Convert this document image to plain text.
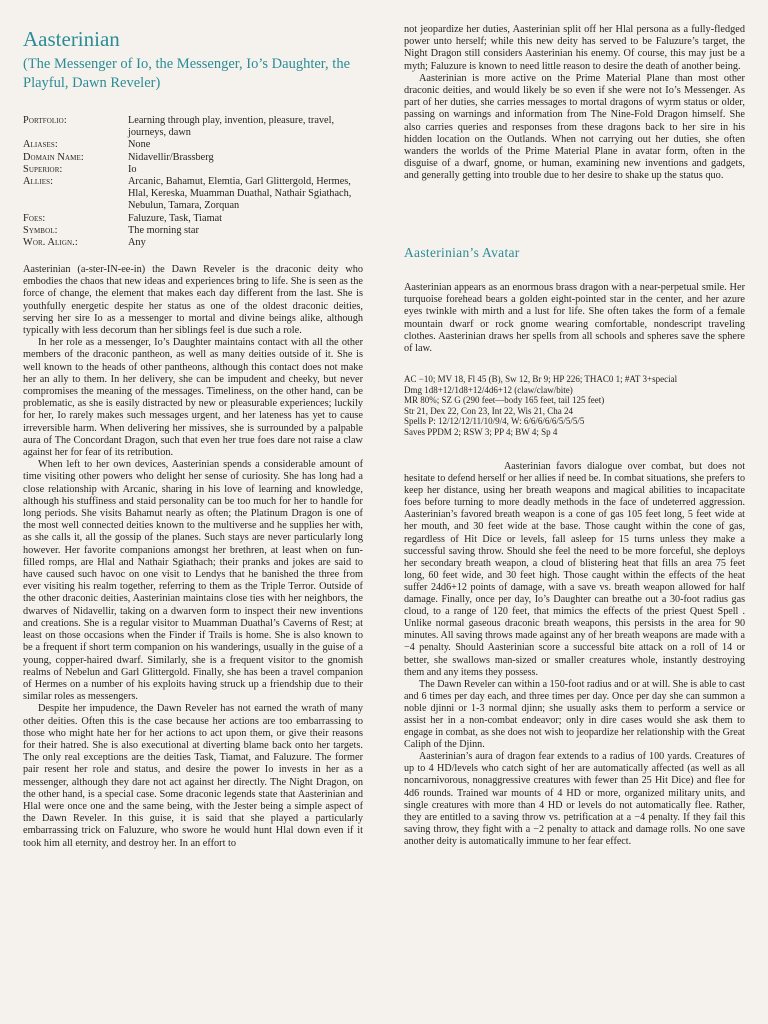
Aasterinian

(The Messenger of Io, the Messenger, Io’s Daughter, the Playful, Dawn Reveler)

Portfolio:	Learning through play, invention, pleasure, travel, journeys, dawn
Aliases:	None
Domain Name:	Nidavellir/Brassberg
Superior:	Io
Allies:	Arcanic, Bahamut, Elemtia, Garl Glittergold, Hermes, Hlal, Kereska, Muamman Duathal, Nathair Sgiathach, Nebulun, Tamara, Zorquan
Foes:	Faluzure, Task, Tiamat
Symbol:	The morning star
Wor. Align.:	Any

Aasterinian (a-ster-IN-ee-in) the Dawn Reveler is the draconic deity who embodies the chaos that new ideas and experiences bring to life. She is seen as the force of change, the element that makes each day different from the last. She is youthfully energetic despite her status as one of the oldest draconic deities, serving her sire Io as a messenger to mortal and divine beings alike, although typically with less decorum than her siblings feel is due such a role.

In her role as a messenger, Io’s Daughter maintains contact with all the other members of the draconic pantheon, as well as many deities outside of it. She is well known to the heads of other pantheons, although this contact does not make her an ally to them. In her delivery, she can be impudent and cheeky, but never compromises the meaning of the messages. Timeliness, on the other hand, can be problematic, as she is easily distracted by new or pleasurable experiences; luckily for her, Io rarely makes such messages urgent, and her lateness has yet to cause irreversible harm. When delivering her missives, she is surrounded by a palpable aura of The Concordant Dragon, such that even her true foes dare not raise a claw against her for fear of its retribution.

When left to her own devices, Aasterinian spends a considerable amount of time visiting other powers who delight her sense of curiosity. She has long had a close relationship with Arcanic, sharing in his love of learning and knowledge, although his stuffiness and staid personality can be too much for her to handle for long periods. She visits Bahamut nearly as often; the Platinum Dragon is one of the most well connected deities known to the multiverse and he supplies her with, as she calls it, all the gossip of the planes. Such stays are never particularly long however. Her favorite companions amongst her brethren, at least when on fun-filled romps, are Hlal and Nathair Sgiathach; their pranks and jokes are said to have caused such havoc on one visit to Lendys that he banished the three from ever visiting his realm together, referring to them as the Triple Terror. Outside of the other draconic deities, Aasterinian maintains close ties with her neighbors, the dwarves of Nidavellir, taking on a dwarven form to inspect their new inventions and creations. She is a regular visitor to Muamman Duathal’s Caverns of Rest; at least on those occasions when the Finder if Trails is home. She is also known to be a frequent if short term companion on his wanderings, usually in the guise of a young, copper-haired dwarf. Similarly, she is a frequent visitor to the gnomish realms of Nebelun and Garl Glittergold. Finally, she has been a travel companion of Hermes on a number of his exploits having struck up a friendship due to their similar roles as messengers.

Despite her impudence, the Dawn Reveler has not earned the wrath of many other deities. Often this is the case because her actions are too embarrassing to those who might hate her for her actions to act upon them, or give their reasons for their hatred. She is also executional at diverting blame back onto her targets. The only real exceptions are the deities Task, Tiamat, and Faluzure. The former pair resent her role and status, and desire the power Io invests in her as a messenger, although they dare not act against her directly. The Night Dragon, on the other hand, is a special case. Some draconic legends state that Aasterinian and Hlal were once one and the same being, with the Jester being a simple aspect of the Dawn Reveler. In this guise, it is said that she played a particularly embarrassing trick on Faluzure, who swore he would hunt Hlal down even if it took him all eternity, and destroy her. In an effort to

not jeopardize her duties, Aasterinian split off her Hlal persona as a fully-fledged power unto herself; while this new deity has served to be Faluzure’s target, the Night Dragon still considers Aasterinian his enemy. Of course, this may just be a myth; Faluzure is known to need little reason to desire the death of another being.

Aasterinian is more active on the Prime Material Plane than most other draconic deities, and would likely be so even if she were not Io’s Messenger. As part of her duties, she carries messages to mortal dragons of wyrm status or older, passing on warnings and information from The Nine-Fold Dragon himself. She also carries queries and responses from these dragons back to her sire in his hidden location on the Outlands. When not carrying out her duties, she often wanders the worlds of the Prime Material Plane in avatar form, often in the disguise of a dwarf, gnome, or human, examining new inventions and gadgets, and generally getting into trouble due to her desire to shake up the status quo.

Aasterinian’s Avatar

Aasterinian appears as an enormous brass dragon with a near-perpetual smile. Her turquoise forehead bears a golden eight-pointed star in the center, and her azure eyes twinkle with mirth and a lust for life. She often takes the form of a female mountain dwarf or rock gnome wearing comfortable, nondescript traveling clothes. Aasterinian draws her spells from all schools and spheres save the sphere of law.

AC −10; MV 18, Fl 45 (B), Sw 12, Br 9; HP 226; THAC0 1; #AT 3+special
Dmg 1d8+12/1d8+12/4d6+12 (claw/claw/bite)
MR 80%; SZ G (290 feet—body 165 feet, tail 125 feet)
Str 21, Dex 22, Con 23, Int 22, Wis 21, Cha 24
Spells P: 12/12/12/11/10/9/4, W: 6/6/6/6/6/5/5/5/5
Saves PPDM 2; RSW 3; PP 4; BW 4; Sp 4

Aasterinian favors dialogue over combat, but does not hesitate to defend herself or her allies if need be. In combat situations, she prefers to keep her distance, using her breath weapons and magical abilities to incapacitate foes before turning to more deadly methods in the face of undeterred aggression. Aasterinian’s favored breath weapon is a cone of gas 105 feet long, 5 feet wide at her mouth, and 30 feet wide at the base. Those caught within the cone of gas, regardless of Hit Dice or levels, fall asleep for 15 turns unless they make a successful saving throw. Should she feel the need to be more forceful, she deploys her secondary breath weapon, a cloud of blistering heat that fills an area 75 feet long, 60 feet wide, and 30 feet high. Those caught within the effects of the heat suffer 24d6+12 points of damage, with a save vs. breath weapon allowed for half damage. Finally, once per day, Io’s Daughter can breathe out a 30-foot radius gas cloud, to a range of 120 feet, that mimics the effects of the priest Quest Spell . Unlike normal gaseous draconic breath weapons, this persists in the area for 90 minutes. All saving throws made against any of her breath weapons are made with a −4 penalty. Should Aasterinian score a successful bite attack on a roll of 14 or better, she swallows man-sized or smaller creatures whole, instantly destroying them and any items they possess.

The Dawn Reveler can within a 150-foot radius and or at will. She is able to cast and 6 times per day each, and three times per day. Once per day she can summon a noble djinni or 1-3 normal djinn; she usually asks them to perform a service or assist her in a non-combat endeavor; only in dire cases would she ask them to engage in combat, as she does not wish to jeopardize her relationship with the Great Caliph of the Djinn.

Aasterinian’s aura of dragon fear extends to a radius of 100 yards. Creatures of up to 4 HD/levels who catch sight of her are automatically affected (as well as all noncarnivorous, nonaggressive creatures with fewer than 25 Hit Dice) and flee for 4d6 rounds. Trained war mounts of 4 HD or more, organized military units, and single creatures with more than 4 HD or levels do not automatically flee. Rather, they are entitled to a saving throw vs. petrification at a −4 penalty. If they fail this saving throw, they fight with a −2 penalty to attack and damage rolls. No one save another deity is automatically immune to her fear effect.
